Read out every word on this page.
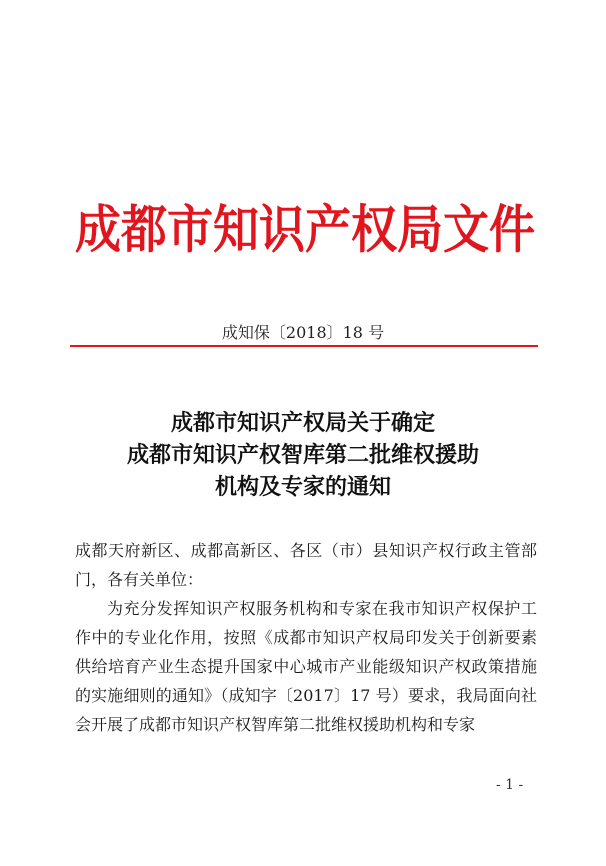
成都市知识产权局文件
成知保〔2018〕18 号
成都市知识产权局关于确定
成都市知识产权智库第二批维权援助
机构及专家的通知

成都天府新区、成都高新区、各区（市）县知识产权行政主管部门，各有关单位：

为充分发挥知识产权服务机构和专家在我市知识产权保护工作中的专业化作用，按照《成都市知识产权局印发关于创新要素供给培育产业生态提升国家中心城市产业能级知识产权政策措施的实施细则的通知》（成知字〔2017〕17 号）要求，我局面向社会开展了成都市知识产权智库第二批维权援助机构和专家

- 1 -
